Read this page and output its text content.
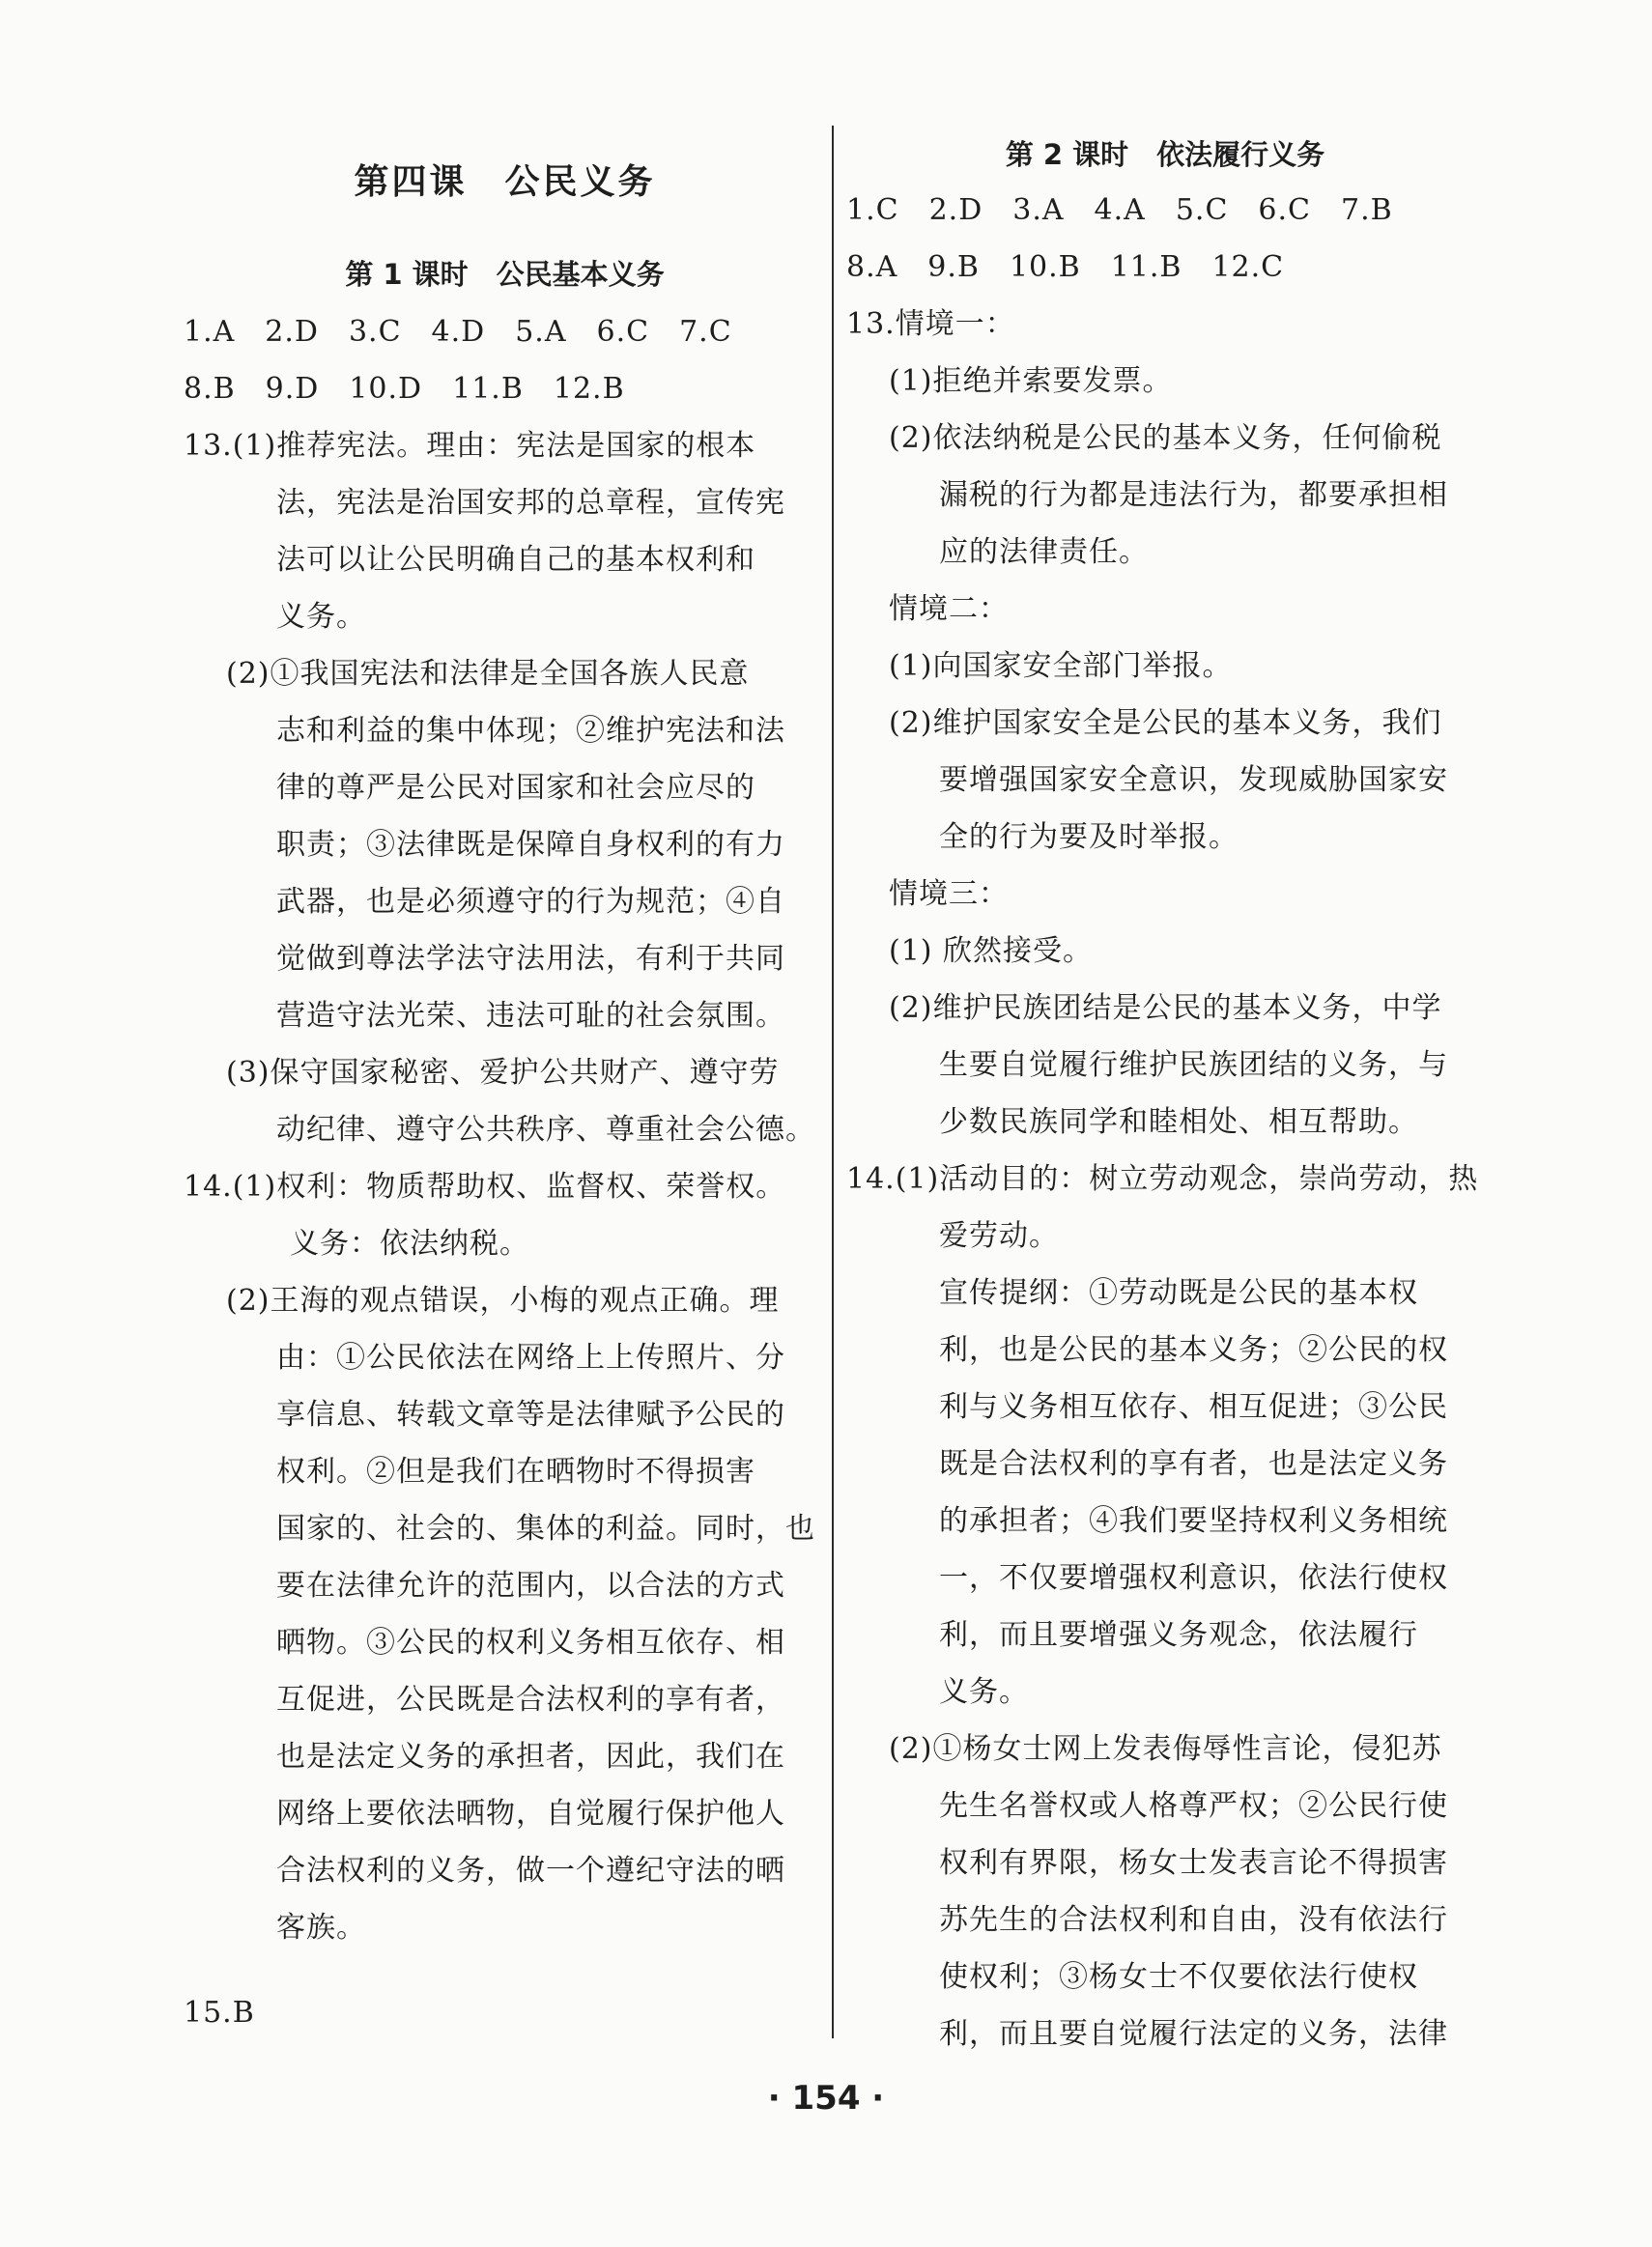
第四课　公民义务
第 1 课时　公民基本义务
1.A　2.D　3.C　4.D　5.A　6.C　7.C
8.B　9.D　10.D　11.B　12.B
13.(1)推荐宪法。理由：宪法是国家的根本
法，宪法是治国安邦的总章程，宣传宪
法可以让公民明确自己的基本权利和
义务。
(2)①我国宪法和法律是全国各族人民意
志和利益的集中体现；②维护宪法和法
律的尊严是公民对国家和社会应尽的
职责；③法律既是保障自身权利的有力
武器，也是必须遵守的行为规范；④自
觉做到尊法学法守法用法，有利于共同
营造守法光荣、违法可耻的社会氛围。
(3)保守国家秘密、爱护公共财产、遵守劳
动纪律、遵守公共秩序、尊重社会公德。
14.(1)权利：物质帮助权、监督权、荣誉权。
义务：依法纳税。
(2)王海的观点错误，小梅的观点正确。理
由：①公民依法在网络上上传照片、分
享信息、转载文章等是法律赋予公民的
权利。②但是我们在晒物时不得损害
国家的、社会的、集体的利益。同时，也
要在法律允许的范围内，以合法的方式
晒物。③公民的权利义务相互依存、相
互促进，公民既是合法权利的享有者，
也是法定义务的承担者，因此，我们在
网络上要依法晒物，自觉履行保护他人
合法权利的义务，做一个遵纪守法的晒
客族。
15.B
第 2 课时　依法履行义务
1.C　2.D　3.A　4.A　5.C　6.C　7.B
8.A　9.B　10.B　11.B　12.C
13.情境一：
(1)拒绝并索要发票。
(2)依法纳税是公民的基本义务，任何偷税
漏税的行为都是违法行为，都要承担相
应的法律责任。
情境二：
(1)向国家安全部门举报。
(2)维护国家安全是公民的基本义务，我们
要增强国家安全意识，发现威胁国家安
全的行为要及时举报。
情境三：
(1) 欣然接受。
(2)维护民族团结是公民的基本义务，中学
生要自觉履行维护民族团结的义务，与
少数民族同学和睦相处、相互帮助。
14.(1)活动目的：树立劳动观念，崇尚劳动，热
爱劳动。
宣传提纲：①劳动既是公民的基本权
利，也是公民的基本义务；②公民的权
利与义务相互依存、相互促进；③公民
既是合法权利的享有者，也是法定义务
的承担者；④我们要坚持权利义务相统
一，不仅要增强权利意识，依法行使权
利，而且要增强义务观念，依法履行
义务。
(2)①杨女士网上发表侮辱性言论，侵犯苏
先生名誉权或人格尊严权；②公民行使
权利有界限，杨女士发表言论不得损害
苏先生的合法权利和自由，没有依法行
使权利；③杨女士不仅要依法行使权
利，而且要自觉履行法定的义务，法律
· 154 ·
